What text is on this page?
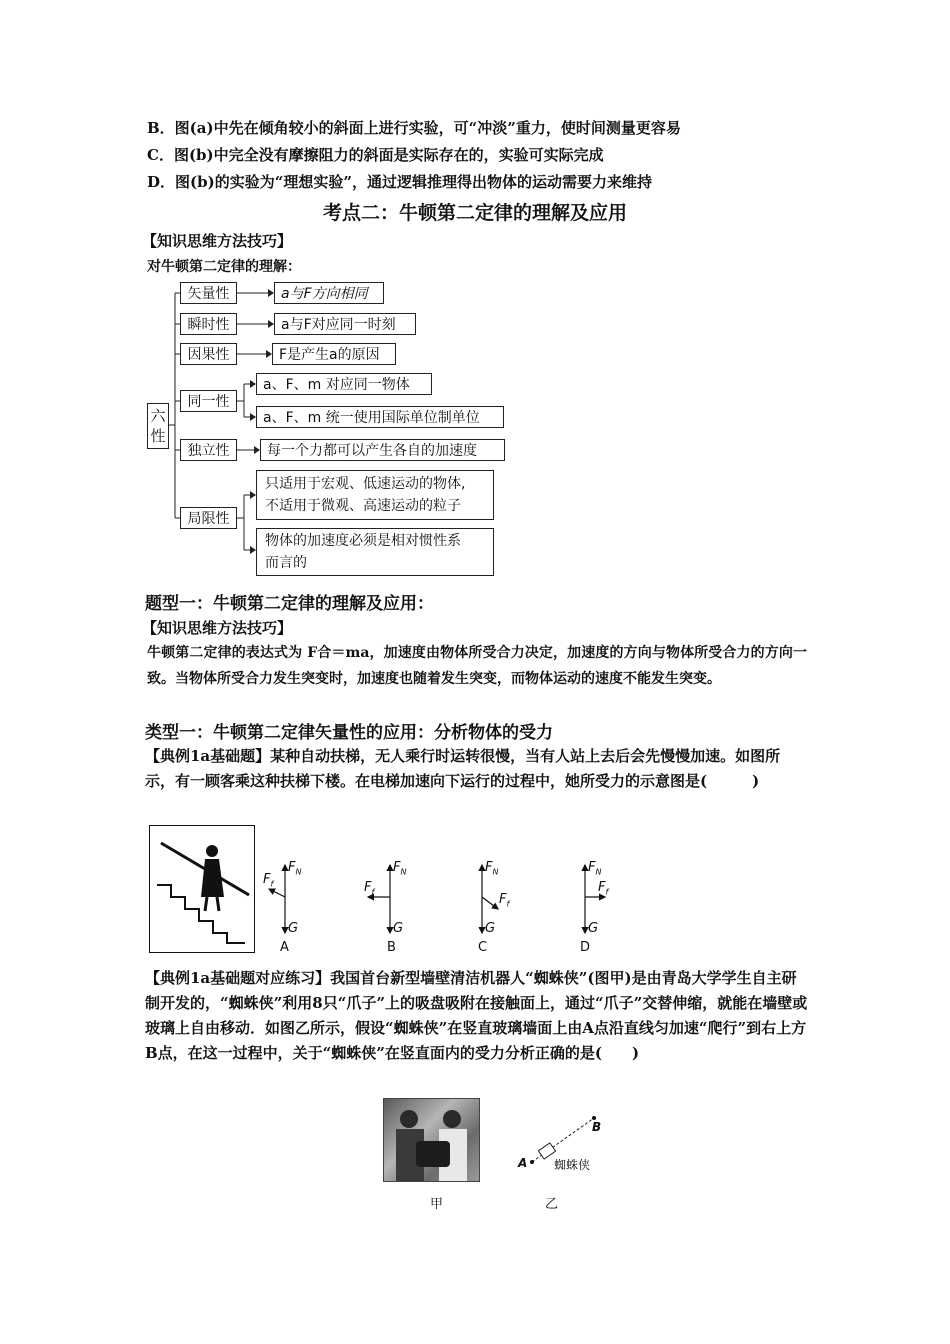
B．图(a)中先在倾角较小的斜面上进行实验，可“冲淡”重力，使时间测量更容易
C．图(b)中完全没有摩擦阻力的斜面是实际存在的，实验可实际完成
D．图(b)的实验为“理想实验”，通过逻辑推理得出物体的运动需要力来维持
考点二：牛顿第二定律的理解及应用
【知识思维方法技巧】
对牛顿第二定律的理解：
六性
矢量性	a与F方向相同
瞬时性	a与F对应同一时刻
因果性	F是产生a的原因
同一性
a、F、m 对应同一物体
a、F、m 统一使用国际单位制单位
独立性	每一个力都可以产生各自的加速度
局限性
只适用于宏观、低速运动的物体,
不适用于微观、高速运动的粒子
物体的加速度必须是相对惯性系
而言的
题型一：牛顿第二定律的理解及应用：
【知识思维方法技巧】
牛顿第二定律的表达式为 F合＝ma，加速度由物体所受合力决定，加速度的方向与物体所受合力的方向一致。当物体所受合力发生突变时，加速度也随着发生突变，而物体运动的速度不能发生突变。
类型一：牛顿第二定律矢量性的应用：分析物体的受力
【典例1a基础题】某种自动扶梯，无人乘行时运转很慢，当有人站上去后会先慢慢加速。如图所示，有一顾客乘这种扶梯下楼。在电梯加速向下运行的过程中，她所受力的示意图是(　　　)
$F_N$
$F_f$
G
A
$F_N$
$F_f$
G
B
$F_N$
$F_f$
G
C
$F_N$
$F_f$
G
D
【典例1a基础题对应练习】我国首台新型墙壁清洁机器人“蜘蛛侠”(图甲)是由青岛大学学生自主研制开发的，“蜘蛛侠”利用8只“爪子”上的吸盘吸附在接触面上，通过“爪子”交替伸缩，就能在墙壁或玻璃上自由移动．如图乙所示，假设“蜘蛛侠”在竖直玻璃墙面上由A点沿直线匀加速“爬行”到右上方B点，在这一过程中，关于“蜘蛛侠”在竖直面内的受力分析正确的是(　　)
A
B
蜘蛛侠
甲	乙
